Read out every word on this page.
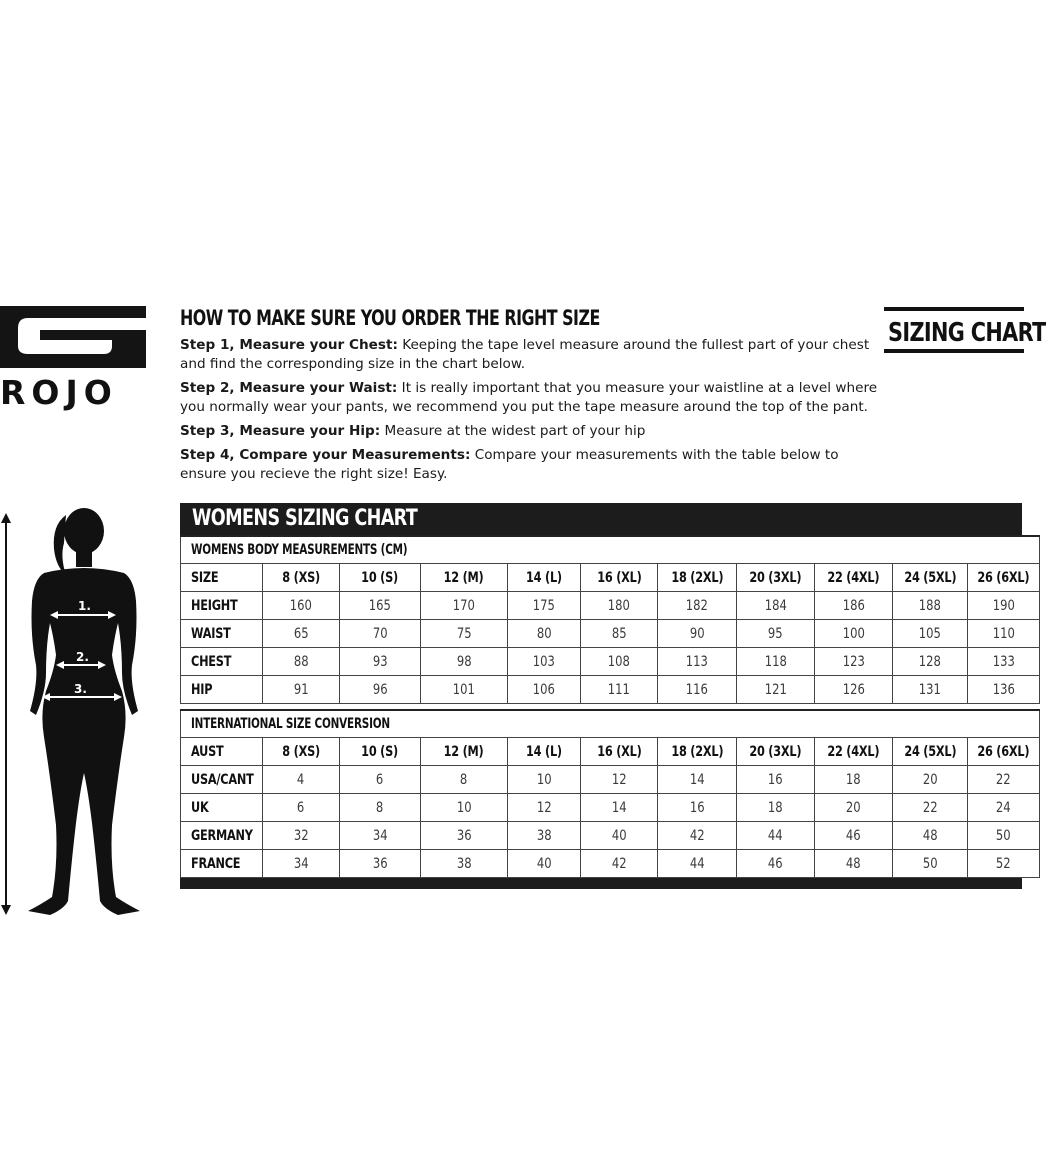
ROJO
HOW TO MAKE SURE YOU ORDER THE RIGHT SIZE

Step 1, Measure your Chest: Keeping the tape level measure around the fullest part of your chest and find the corresponding size in the chart below.

Step 2, Measure your Waist: It is really important that you measure your waistline at a level where you normally wear your pants, we recommend you put the tape measure around the top of the pant.

Step 3, Measure your Hip: Measure at the widest part of your hip

Step 4, Compare your Measurements: Compare your measurements with the table below to ensure you recieve the right size! Easy.

SIZING CHART
1.
2.
3.
WOMENS SIZING CHART
WOMENS BODY MEASUREMENTS (CM)										
SIZE	8 (XS)	10 (S)	12 (M)	14 (L)	16 (XL)	18 (2XL)	20 (3XL)	22 (4XL)	24 (5XL)	26 (6XL)
HEIGHT	160	165	170	175	180	182	184	186	188	190
WAIST	65	70	75	80	85	90	95	100	105	110
CHEST	88	93	98	103	108	113	118	123	128	133
HIP	91	96	101	106	111	116	121	126	131	136

INTERNATIONAL SIZE CONVERSION										
AUST	8 (XS)	10 (S)	12 (M)	14 (L)	16 (XL)	18 (2XL)	20 (3XL)	22 (4XL)	24 (5XL)	26 (6XL)
USA/CANT	4	6	8	10	12	14	16	18	20	22
UK	6	8	10	12	14	16	18	20	22	24
GERMANY	32	34	36	38	40	42	44	46	48	50
FRANCE	34	36	38	40	42	44	46	48	50	52
